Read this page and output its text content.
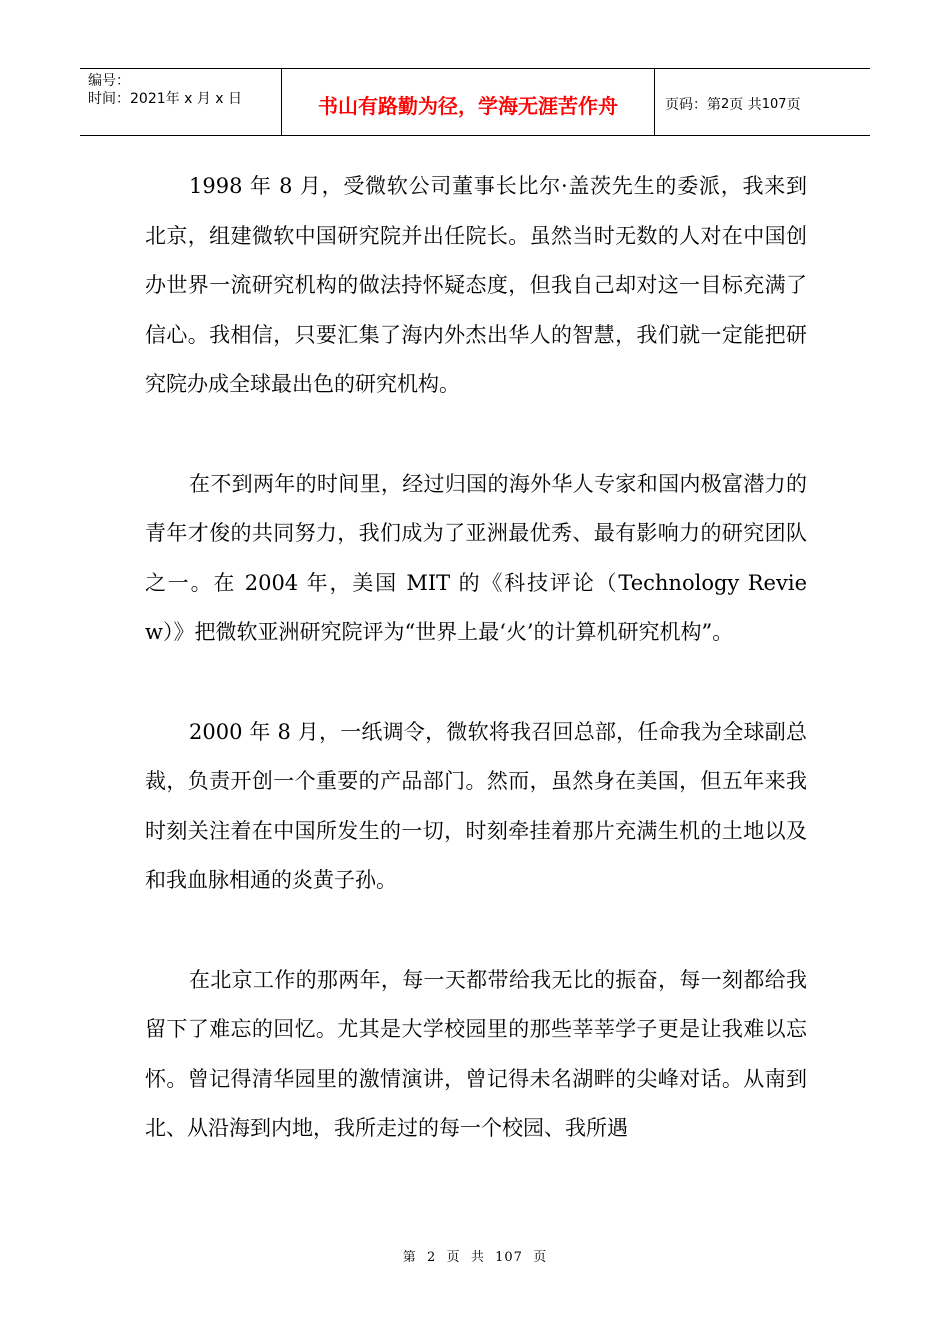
编号：
时间：2021年 x 月 x 日	书山有路勤为径，学海无涯苦作舟	页码：第 2 页 共 107 页

1998 年 8 月，受微软公司董事长比尔·盖茨先生的委派，我来到北京，组建微软中国研究院并出任院长。虽然当时无数的人对在中国创办世界一流研究机构的做法持怀疑态度，但我自己却对这一目标充满了信心。我相信，只要汇集了海内外杰出华人的智慧，我们就一定能把研究院办成全球最出色的研究机构。

在不到两年的时间里，经过归国的海外华人专家和国内极富潜力的青年才俊的共同努力，我们成为了亚洲最优秀、最有影响力的研究团队之一。在 2004 年，美国 MIT 的《科技评论（Technology Review）》把微软亚洲研究院评为“世界上最‘火’的计算机研究机构”。

2000 年 8 月，一纸调令，微软将我召回总部，任命我为全球副总裁，负责开创一个重要的产品部门。然而，虽然身在美国，但五年来我时刻关注着在中国所发生的一切，时刻牵挂着那片充满生机的土地以及和我血脉相通的炎黄子孙。

在北京工作的那两年，每一天都带给我无比的振奋，每一刻都给我留下了难忘的回忆。尤其是大学校园里的那些莘莘学子更是让我难以忘怀。曾记得清华园里的激情演讲，曾记得未名湖畔的尖峰对话。从南到北、从沿海到内地，我所走过的每一个校园、我所遇

第  2  页  共  107  页
